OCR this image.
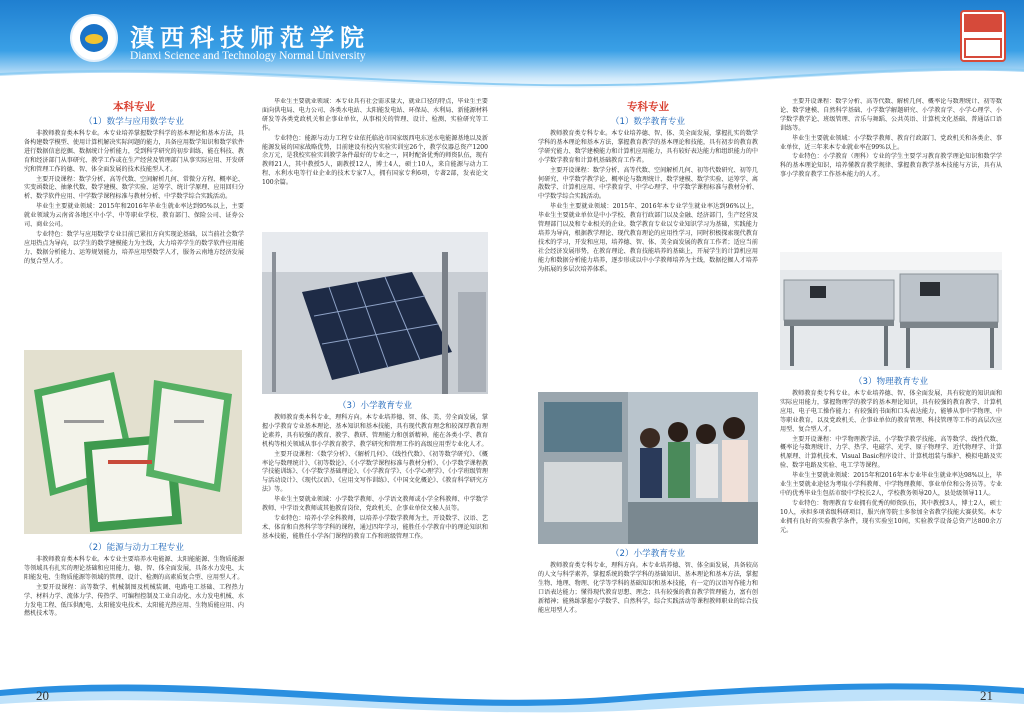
滇西科技师范学院
Dianxi Science and Technology Normal University
本科专业
（1）数学与应用数学专业

非教师教育类本科专业。本专业培养掌握数学科学的基本理论和基本方法，具备构建数学模型、使用计算机解决实际问题的能力，具备应用数学知识和数学软件进行数据信息挖掘、数据统计分析能力，受到科学研究的初步训练，能在科技、教育和经济部门从事研究、教学工作或在生产经营及管理部门从事实际应用、开发研究和管理工作的德、智、体全面发展的技术技能型人才。

主要开设课程：数学分析、高等代数、空间解析几何、常微分方程、概率论、实变函数论、抽象代数、数学建模、数学实验、运筹学、统计学原理、应用回归分析、数学软件应用、中学数学课程标准与教材分析、中学数学综合实践活动。

毕业生主要就业领域：2015年和2016年毕业生就业率达到95%以上，主要就业领域为云南省各地区中小学、中等职业学校、教育部门、保险公司、证券公司、商业公司。

专业特色：数学与应用数学专业目前已紧扣方向实现论基础，以当前社会数学应用热点为导向，以学生的数学建模能力为主线，大力培养学生的数学软件应用能力、数据分析能力、运筹规划能力，培养应用型数学人才，服务云南地方经济发展的复合型人才。

（2）能源与动力工程专业

非教师教育类本科专业。本专业主要培养水电能源、太阳能能源、生物质能源等领域具有扎实的理论基础和应用能力，德、智、体全面发展，具备水力发电、太阳能发电、生物质能源等领域的管理、设计、检测的高素质复合型、应用型人才。

主要开设课程：高等数学、机械制图及机械装调、电路电工基础、工程热力学、材料力学、流体力学、传热学、可编程控制及工业自动化、水力发电机械、水力发电工程、低压供配电、太阳能发电技术、太阳能光热应用、生物质能应用、内燃机技术等。

毕业生主要就业领域：本专业具有社会需求量大，就业口径的特点，毕业生主要面向供电局、电力公司、各类水电站、太阳能发电站、环保局、水利局、新能源材料研发等各类党政机关和企事业单位，从事相关的管理、设计、检测、实验研究等工作。

专业特色：能源与动力工程专业依托临沧市国家级西电东送水电能源基地以及新能源发展的国家战略优势，目前建设有校内实验实训室26个，教学仪器总资产1200余万元，是我校实验实训教学条件最好的专业之一，同时配备优秀的师资队伍，现有教师21人，其中教授5人，副教授12人，博士4人，硕士10人，来自能源与动力工程、水利水电等行业企业的技术专家7人，拥有国家专利6项，专著2部，发表论文100余篇。

（3）小学教育专业

教师教育类本科专业，理科方向。本专业培养德、智、体、美、劳全面发展，掌握小学教育专业基本理论、基本知识和基本技能，具有现代教育理念和较深厚教育理论素养，具有较强的教育、教学、教研、管理能力和创新精神，能在各类小学、教育机构等相关领域从事小学教育教学、教学研究和管理工作的高级应用型专业化人才。

主要开设课程：《数学分析》、《解析几何》、《线性代数》、《初等数学研究》、《概率论与数理统计》、《初等数论》、《小学数学课程标准与教材分析》、《小学数学课程教学技能训练》、《小学数学基础理论》、《小学教育学》、《小学心理学》、《小学班级管理与活动设计》、《现代汉语》、《应用文写作训练》、《中国文化概论》、《教育科学研究方法》等。

毕业生主要就业领域：小学数学教师、小学语文教师或小学全科教师、中学数学教师、中学语文教师或其他教育岗位，党政机关、企事业单位文秘人员等。

专业特色：培养小学全科教师，以培养小学数学教师为主，开设数学、汉语、艺术、体育和自然科学等学科的课程，通过四年学习，能胜任小学教育中的理论知识和基本技能，能胜任小学各门课程的教育工作和班级管理工作。

专科专业
（1）数学教育专业

教师教育类专科专业。本专业培养德、智、体、美全面发展，掌握扎实的数学学科的基本理论和基本方法，掌握教育教学的基本理论和技能，具有初步的教育教学研究能力、数学建模能力和计算机应用能力，具有较好表达能力和组织能力的中小学数学教育和计算机基础教育工作者。

主要开设课程：数学分析、高等代数、空间解析几何、初等代数研究、初等几何研究、中学数学教学论、概率论与数理统计、数学建模、数学实验、运筹学、离散数学、计算机应用、中学教育学、中学心理学、中学数学课程标准与教材分析、中学数学综合实践活动。

毕业生主要就业领域：2015年、2016年本专业学生就业率达到96%以上，毕业生主要就业单位是中小学校、教育行政部门以及金融、经济部门，生产经营及管理部门以及和专业相关的企业。数学教育专业以专业知识学习为基础，实践能力培养为导向，根据教学理论、现代教育理论的应用性学习，同时积极探索现代教育技术的学习，开发和应用，培养德、智、体、美全面发展的教育工作者；适应当前社会经济发展形势，在教育理论、教育技能培养的基础上，开展学生的计算机应用能力和数据分析能力培养，逐步形成以中小学教师培养为主线，数据挖掘人才培养为拓展的多层次培养体系。

（2）小学教育专业

教师教育类专科专业，理科方向。本专业培养德、智、体全面发展，具备较高的人文与科学素养，掌握系统的数学学科的基础知识、基本理论和基本方法，掌握生物、地理、物理、化学等学科的基础知识和基本技能，有一定的汉语写作能力和口语表达能力；懂得现代教育思想、理念；具有较强的教育教学管理能力，富有创新精神；能熟练掌握小学数学、自然科学，综合实践活动等课程教师职业的综合技能应用型人才。

主要开设课程：数学分析、高等代数、解析几何、概率论与数理统计、初等数论、数学建模、自然科学基础、小学数学解题研究、小学教育学、小学心理学、小学数学教学论、班级管理、音乐与舞蹈、公共英语、计算机文化基础、普通话口语训练等。

毕业生主要就业领域：小学数学教师、教育行政部门、党政机关和各类企、事业单位，近三年来本专业就业率在99%以上。

专业特色：小学教育（理科）专业的学生主要学习教育教学理论知识和数学学科的基本理论知识，培养懂教育教学规律、掌握教育教学基本技能与方法，具有从事小学教育教学工作基本能力的人才。

（3）物理教育专业

教师教育类专科专业。本专业培养德、智、体全面发展，具有较宽的知识面和实际应用能力，掌握物理学的教学的基本理论知识，具有较强的教育教学、计算机应用、电子电工操作能力；有较强的书面和口头表达能力，能够从事中学物理、中等职业教育，以及党政机关、企事业单位的教育管理、科技管理等工作的高层次应用型、复合型人才。

主要开设课程：中学物理教学法、小学数学教学技能、高等数学、线性代数、概率论与数理统计、力学、热学、电磁学、光学、原子物理学、近代物理学、计算机原理、计算机技术、Visual Basic程序设计、计算机组装与维护、模拟电路及实验、数字电路及实验、电工学等课程。

毕业生主要就业领域：2015年和2016年本专业毕业生就业率达98%以上，毕业生主要就业途径为考取小学科教师、中学物理教师、事业单位和公务员等。专业中的优秀毕业生包括市级中学校长2人，学校教务领导20人，县处级领导11人。

专业特色：物理教育专业拥有优秀的师资队伍，其中教授3人，博士2人，硕士10人，承担多项省级科研项目，服兴南等院士多参加全省教学技能大赛获奖。本专业拥有良好的实验教学条件，现有实验室10间，实验教学设备总资产达800余万元。

20	21
